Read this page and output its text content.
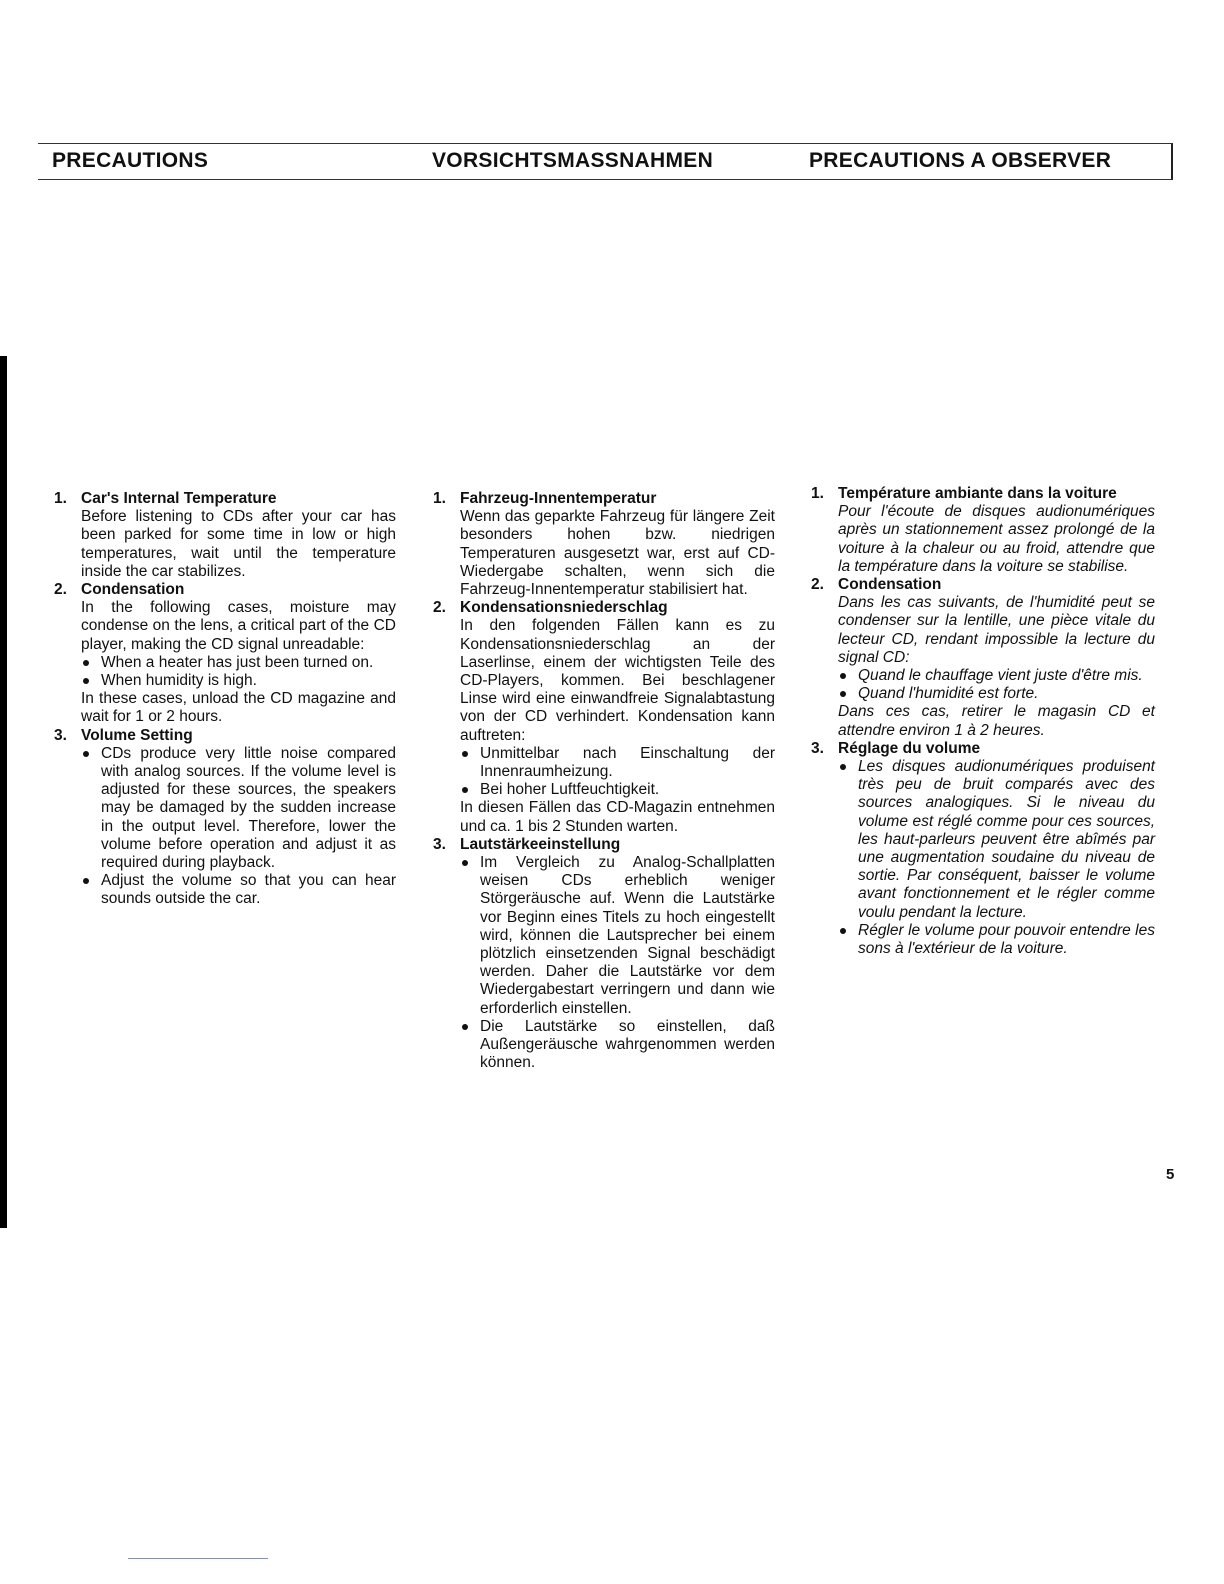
PRECAUTIONS	VORSICHTSMASSNAHMEN	PRECAUTIONS A OBSERVER

1. Car's Internal Temperature

Before listening to CDs after your car has been parked for some time in low or high temperatures, wait until the temperature inside the car stabilizes.

2. Condensation

In the following cases, moisture may condense on the lens, a critical part of the CD player, making the CD signal unreadable:

When a heater has just been turned on.
When humidity is high.

In these cases, unload the CD magazine and wait for 1 or 2 hours.

3. Volume Setting

CDs produce very little noise compared with analog sources. If the volume level is adjusted for these sources, the speakers may be damaged by the sudden increase in the output level. Therefore, lower the volume before operation and adjust it as required during playback.
Adjust the volume so that you can hear sounds outside the car.

1. Fahrzeug-Innentemperatur

Wenn das geparkte Fahrzeug für längere Zeit besonders hohen bzw. niedrigen Temperaturen ausgesetzt war, erst auf CD-Wiedergabe schalten, wenn sich die Fahrzeug-Innentemperatur stabilisiert hat.

2. Kondensationsniederschlag

In den folgenden Fällen kann es zu Kondensationsniederschlag an der Laserlinse, einem der wichtigsten Teile des CD-Players, kommen. Bei beschlagener Linse wird eine einwandfreie Signalabtastung von der CD verhindert. Kondensation kann auftreten:

Unmittelbar nach Einschaltung der Innenraumheizung.
Bei hoher Luftfeuchtigkeit.

In diesen Fällen das CD-Magazin entnehmen und ca. 1 bis 2 Stunden warten.

3. Lautstärkeeinstellung

Im Vergleich zu Analog-Schallplatten weisen CDs erheblich weniger Störgeräusche auf. Wenn die Lautstärke vor Beginn eines Titels zu hoch eingestellt wird, können die Lautsprecher bei einem plötzlich einsetzenden Signal beschädigt werden. Daher die Lautstärke vor dem Wiedergabestart verringern und dann wie erforderlich einstellen.
Die Lautstärke so einstellen, daß Außengeräusche wahrgenommen werden können.

1. Température ambiante dans la voiture

Pour l'écoute de disques audionumériques après un stationnement assez prolongé de la voiture à la chaleur ou au froid, attendre que la température dans la voiture se stabilise.

2. Condensation

Dans les cas suivants, de l'humidité peut se condenser sur la lentille, une pièce vitale du lecteur CD, rendant impossible la lecture du signal CD:

Quand le chauffage vient juste d'être mis.
Quand l'humidité est forte.

Dans ces cas, retirer le magasin CD et attendre environ 1 à 2 heures.

3. Réglage du volume

Les disques audionumériques produisent très peu de bruit comparés avec des sources analogiques. Si le niveau du volume est réglé comme pour ces sources, les haut-parleurs peuvent être abîmés par une augmentation soudaine du niveau de sortie. Par conséquent, baisser le volume avant fonctionnement et le régler comme voulu pendant la lecture.
Régler le volume pour pouvoir entendre les sons à l'extérieur de la voiture.
5
